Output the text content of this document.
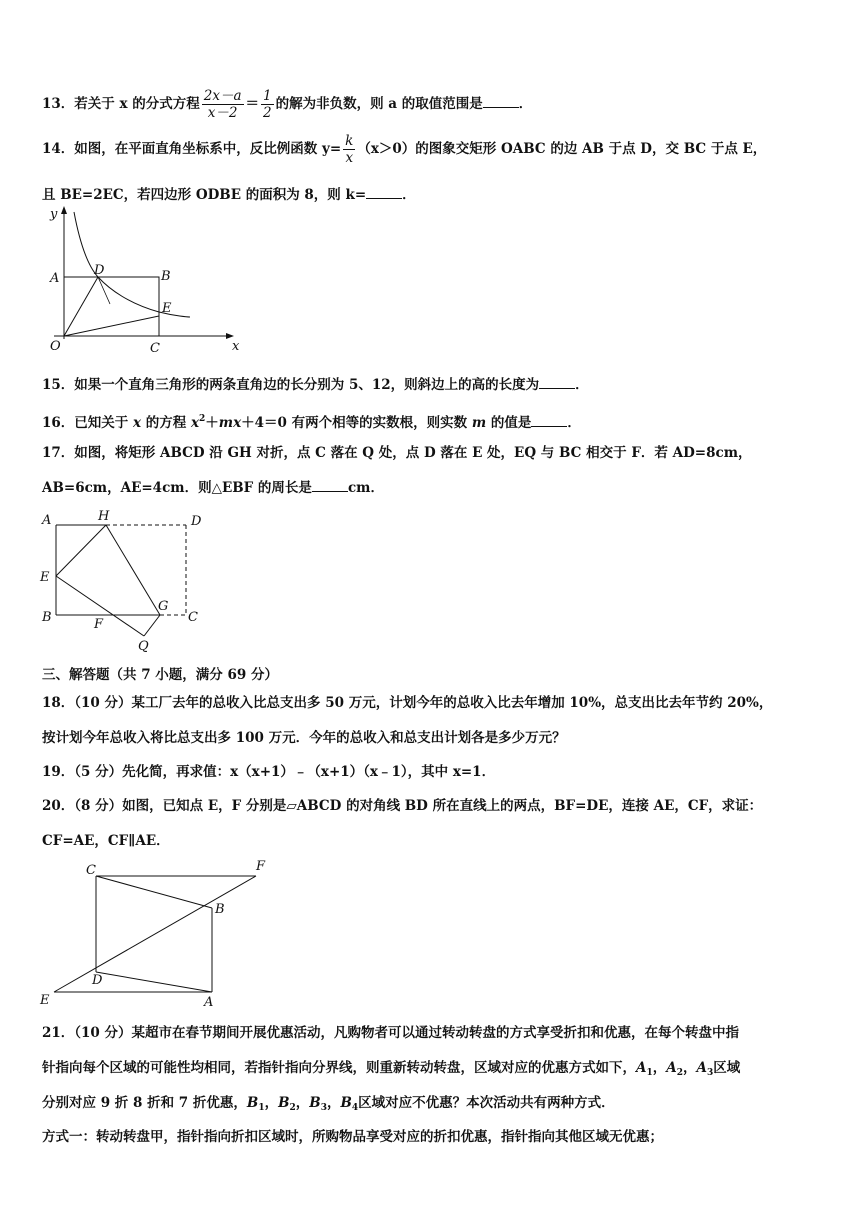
13．若关于 x 的分式方程 $\frac{2x-a}{x-2} = \frac{1}{2}$ 的解为非负数，则 a 的取值范围是	．
14．如图，在平面直角坐标系中，反比例函数 $y= \frac{k}{x} (x>0)$的图象交矩形 OABC 的边 AB 于点 D，交 BC 于点 E，
且 BE=2EC，若四边形 ODBE 的面积为 8，则 k=	．
y
x
A
D	B
E
O	C
15．如果一个直角三角形的两条直角边的长分别为 5、12，则斜边上的高的长度为	．
16．已知关于 x 的方程 $x^2+mx+4=0$ 有两个相等的实数根，则实数 m 的值是	．
17．如图，将矩形 ABCD 沿 GH 对折，点 C 落在 Q 处，点 D 落在 E 处，EQ 与 BC 相交于 F．若 AD=8cm，
AB=6cm，AE=4cm．则△EBF 的周长是	cm．
A	H	D
E
B	F
G
C
Q
三、解答题（共 7 小题，满分 69 分）
18．（10 分）某工厂去年的总收入比总支出多 50 万元，计划今年的总收入比去年增加 10%，总支出比去年节约 20%，
按计划今年总收入将比总支出多 100 万元．今年的总收入和总支出计划各是多少万元？
19．（5 分）先化简，再求值：x（x+1）﹣（x+1）（x﹣1），其中 x=1．
20．（8 分）如图，已知点 E，F 分别是▱ABCD 的对角线 BD 所在直线上的两点，BF=DE，连接 AE，CF，求证：
CF=AE，CF∥AE．
C	F
B
D
E	A
21．（10 分）某超市在春节期间开展优惠活动，凡购物者可以通过转动转盘的方式享受折扣和优惠，在每个转盘中指
针指向每个区域的可能性均相同，若指针指向分界线，则重新转动转盘，区域对应的优惠方式如下，$A_1$，$A_2$，$A_3$区域
分别对应 9 折 8 折和 7 折优惠，$B_1$，$B_2$，$B_3$，$B_4$区域对应不优惠？本次活动共有两种方式．
方式一：转动转盘甲，指针指向折扣区域时，所购物品享受对应的折扣优惠，指针指向其他区域无优惠；
